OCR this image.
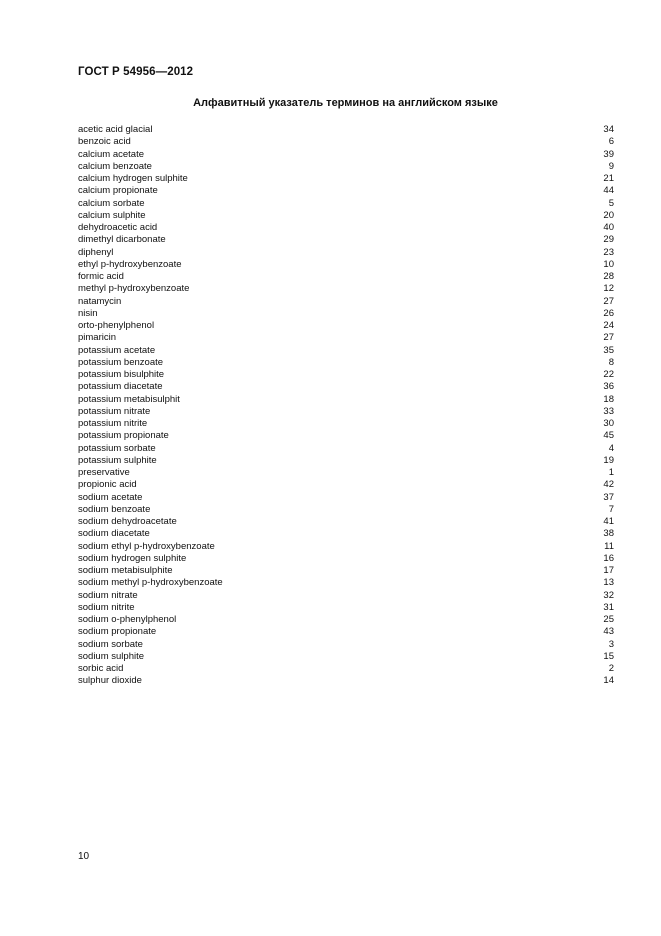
ГОСТ Р 54956—2012
Алфавитный указатель терминов на английском языке
acetic acid glacial	34
benzoic acid	6
calcium acetate	39
calcium benzoate	9
calcium hydrogen sulphite	21
calcium propionate	44
calcium sorbate	5
calcium sulphite	20
dehydroacetic acid	40
dimethyl dicarbonate	29
diphenyl	23
ethyl p-hydroxybenzoate	10
formic acid	28
methyl p-hydroxybenzoate	12
natamycin	27
nisin	26
orto-phenylphenol	24
pimaricin	27
potassium acetate	35
potassium benzoate	8
potassium bisulphite	22
potassium diacetate	36
potassium metabisulphit	18
potassium nitrate	33
potassium nitrite	30
potassium propionate	45
potassium sorbate	4
potassium sulphite	19
preservative	1
propionic acid	42
sodium acetate	37
sodium benzoate	7
sodium dehydroacetate	41
sodium diacetate	38
sodium ethyl p-hydroxybenzoate	11
sodium hydrogen sulphite	16
sodium metabisulphite	17
sodium methyl p-hydroxybenzoate	13
sodium nitrate	32
sodium nitrite	31
sodium o-phenylphenol	25
sodium propionate	43
sodium sorbate	3
sodium sulphite	15
sorbic acid	2
sulphur dioxide	14
10
